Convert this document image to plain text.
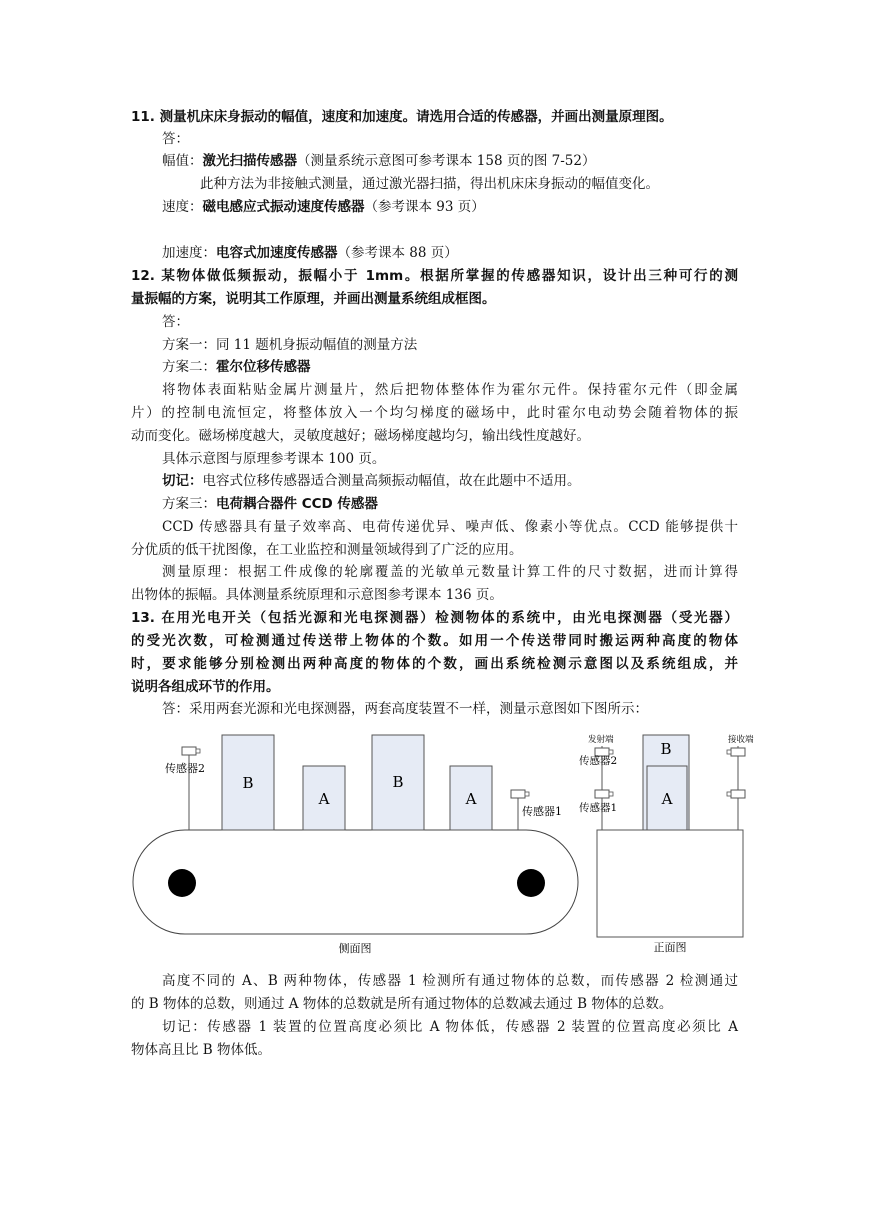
11. 测量机床床身振动的幅值，速度和加速度。请选用合适的传感器，并画出测量原理图。
答：
幅值：激光扫描传感器（测量系统示意图可参考课本 158 页的图 7-52）
此种方法为非接触式测量，通过激光器扫描，得出机床床身振动的幅值变化。
速度：磁电感应式振动速度传感器（参考课本 93 页）
加速度：电容式加速度传感器（参考课本 88 页）
12. 某物体做低频振动，振幅小于 1mm。根据所掌握的传感器知识，设计出三种可行的测
量振幅的方案，说明其工作原理，并画出测量系统组成框图。
答：
方案一：同 11 题机身振动幅值的测量方法
方案二：霍尔位移传感器
将物体表面粘贴金属片测量片，然后把物体整体作为霍尔元件。保持霍尔元件（即金属
片）的控制电流恒定，将整体放入一个均匀梯度的磁场中，此时霍尔电动势会随着物体的振
动而变化。磁场梯度越大，灵敏度越好；磁场梯度越均匀，输出线性度越好。
具体示意图与原理参考课本 100 页。
切记：电容式位移传感器适合测量高频振动幅值，故在此题中不适用。
方案三：电荷耦合器件 CCD 传感器
CCD 传感器具有量子效率高、电荷传递优异、噪声低、像素小等优点。CCD 能够提供十
分优质的低干扰图像，在工业监控和测量领域得到了广泛的应用。
测量原理：根据工件成像的轮廓覆盖的光敏单元数量计算工件的尺寸数据，进而计算得
出物体的振幅。具体测量系统原理和示意图参考课本 136 页。
13. 在用光电开关（包括光源和光电探测器）检测物体的系统中，由光电探测器（受光器）
的受光次数，可检测通过传送带上物体的个数。如用一个传送带同时搬运两种高度的物体
时，要求能够分别检测出两种高度的物体的个数，画出系统检测示意图以及系统组成，并
说明各组成环节的作用。
答：采用两套光源和光电探测器，两套高度装置不一样，测量示意图如下图所示：
B
A
B
A
传感器2
传感器1
侧面图
B
A
发射端
传感器2
传感器1
接收端
正面图
高度不同的 A、B 两种物体，传感器 1 检测所有通过物体的总数，而传感器 2 检测通过
的 B 物体的总数，则通过 A 物体的总数就是所有通过物体的总数减去通过 B 物体的总数。
切记：传感器 1 装置的位置高度必须比 A 物体低，传感器 2 装置的位置高度必须比 A
物体高且比 B 物体低。
